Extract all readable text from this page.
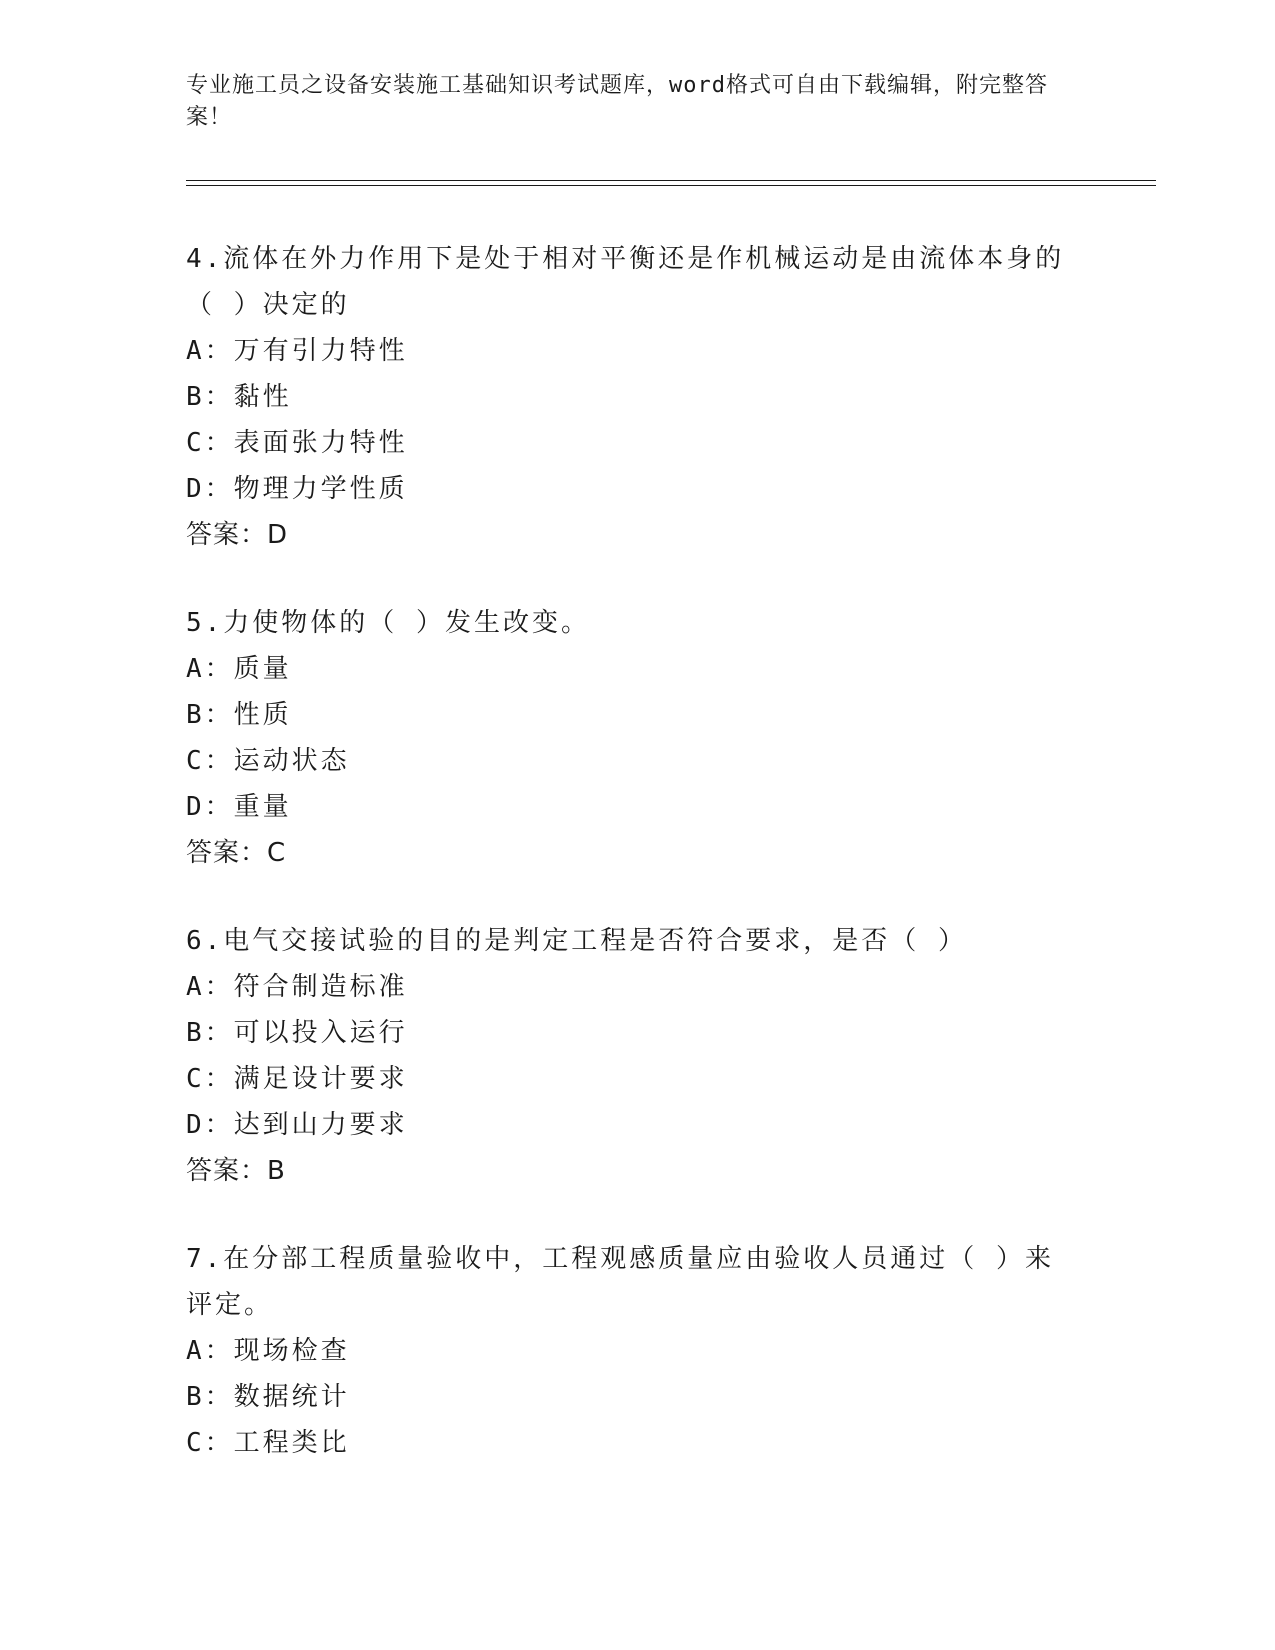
专业施工员之设备安装施工基础知识考试题库，word格式可自由下载编辑，附完整答案！

4.流体在外力作用下是处于相对平衡还是作机械运动是由流体本身的（ ）决定的

A：万有引力特性

B：黏性

C：表面张力特性

D：物理力学性质

答案：D

5.力使物体的（ ）发生改变。

A：质量

B：性质

C：运动状态

D：重量

答案：C

6.电气交接试验的目的是判定工程是否符合要求，是否（ ）

A：符合制造标准

B：可以投入运行

C：满足设计要求

D：达到山力要求

答案：B

7.在分部工程质量验收中，工程观感质量应由验收人员通过（ ）来评定。

A：现场检查

B：数据统计

C：工程类比
